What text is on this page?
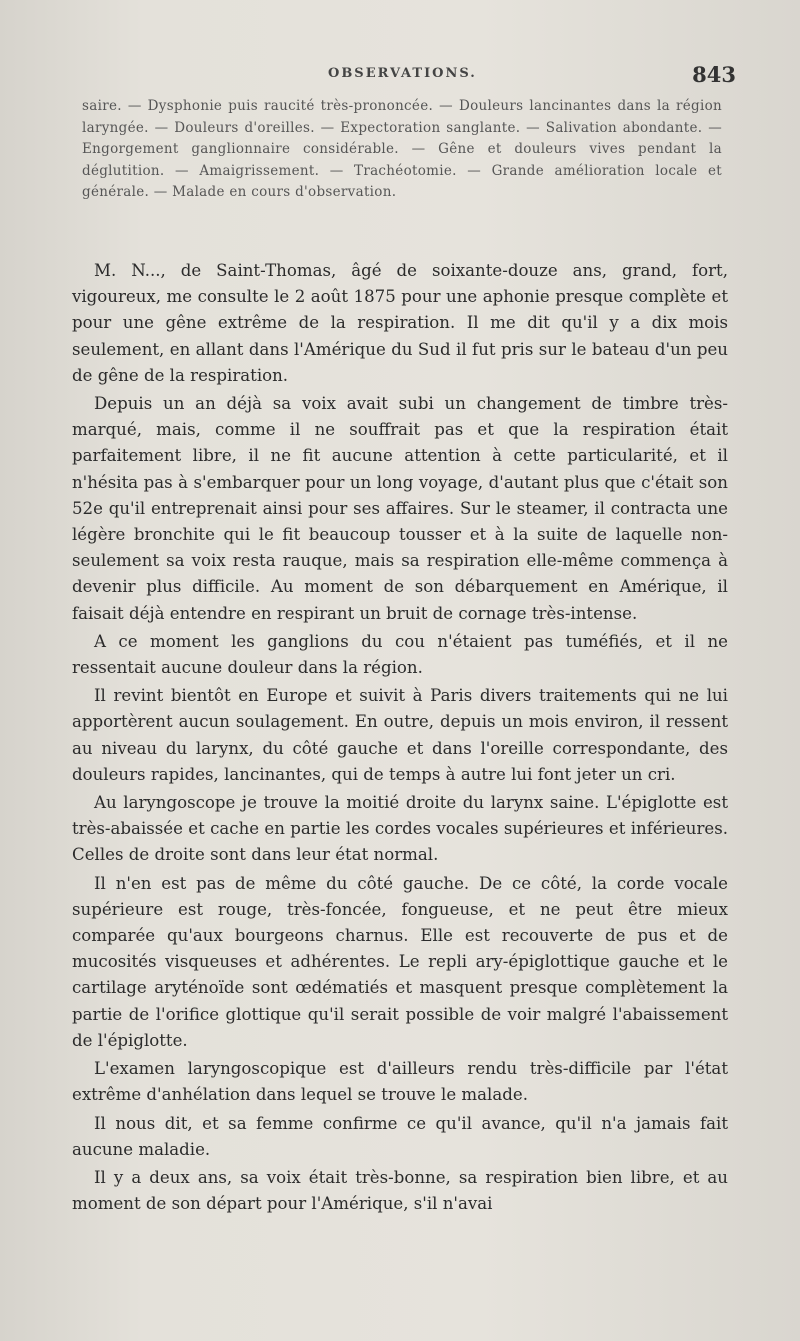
OBSERVATIONS.	843
saire. — Dysphonie puis raucité très-prononcée. — Douleurs lancinantes dans la région laryngée. — Douleurs d'oreilles. — Expectoration sanglante. — Salivation abondante. — Engorgement ganglionnaire considérable. — Gêne et douleurs vives pendant la déglutition. — Amaigrissement. — Trachéotomie. — Grande amélioration locale et générale. — Malade en cours d'observation.

M. N..., de Saint-Thomas, âgé de soixante-douze ans, grand, fort, vigoureux, me consulte le 2 août 1875 pour une aphonie presque complète et pour une gêne extrême de la respiration. Il me dit qu'il y a dix mois seulement, en allant dans l'Amérique du Sud il fut pris sur le bateau d'un peu de gêne de la respiration.

Depuis un an déjà sa voix avait subi un changement de timbre très-marqué, mais, comme il ne souffrait pas et que la respiration était parfaitement libre, il ne fit aucune attention à cette particularité, et il n'hésita pas à s'embarquer pour un long voyage, d'autant plus que c'était son 52e qu'il entreprenait ainsi pour ses affaires. Sur le steamer, il contracta une légère bronchite qui le fit beaucoup tousser et à la suite de laquelle non-seulement sa voix resta rauque, mais sa respiration elle-même commença à devenir plus difficile. Au moment de son débarquement en Amérique, il faisait déjà entendre en respirant un bruit de cornage très-intense.

A ce moment les ganglions du cou n'étaient pas tuméfiés, et il ne ressentait aucune douleur dans la région.

Il revint bientôt en Europe et suivit à Paris divers traitements qui ne lui apportèrent aucun soulagement. En outre, depuis un mois environ, il ressent au niveau du larynx, du côté gauche et dans l'oreille correspondante, des douleurs rapides, lancinantes, qui de temps à autre lui font jeter un cri.

Au laryngoscope je trouve la moitié droite du larynx saine. L'épiglotte est très-abaissée et cache en partie les cordes vocales supérieures et inférieures. Celles de droite sont dans leur état normal.

Il n'en est pas de même du côté gauche. De ce côté, la corde vocale supérieure est rouge, très-foncée, fongueuse, et ne peut être mieux comparée qu'aux bourgeons charnus. Elle est recouverte de pus et de mucosités visqueuses et adhérentes. Le repli ary-épiglottique gauche et le cartilage aryténoïde sont œdématiés et masquent presque complètement la partie de l'orifice glottique qu'il serait possible de voir malgré l'abaissement de l'épiglotte.

L'examen laryngoscopique est d'ailleurs rendu très-difficile par l'état extrême d'anhélation dans lequel se trouve le malade.

Il nous dit, et sa femme confirme ce qu'il avance, qu'il n'a jamais fait aucune maladie.

Il y a deux ans, sa voix était très-bonne, sa respiration bien libre, et au moment de son départ pour l'Amérique, s'il n'avai
